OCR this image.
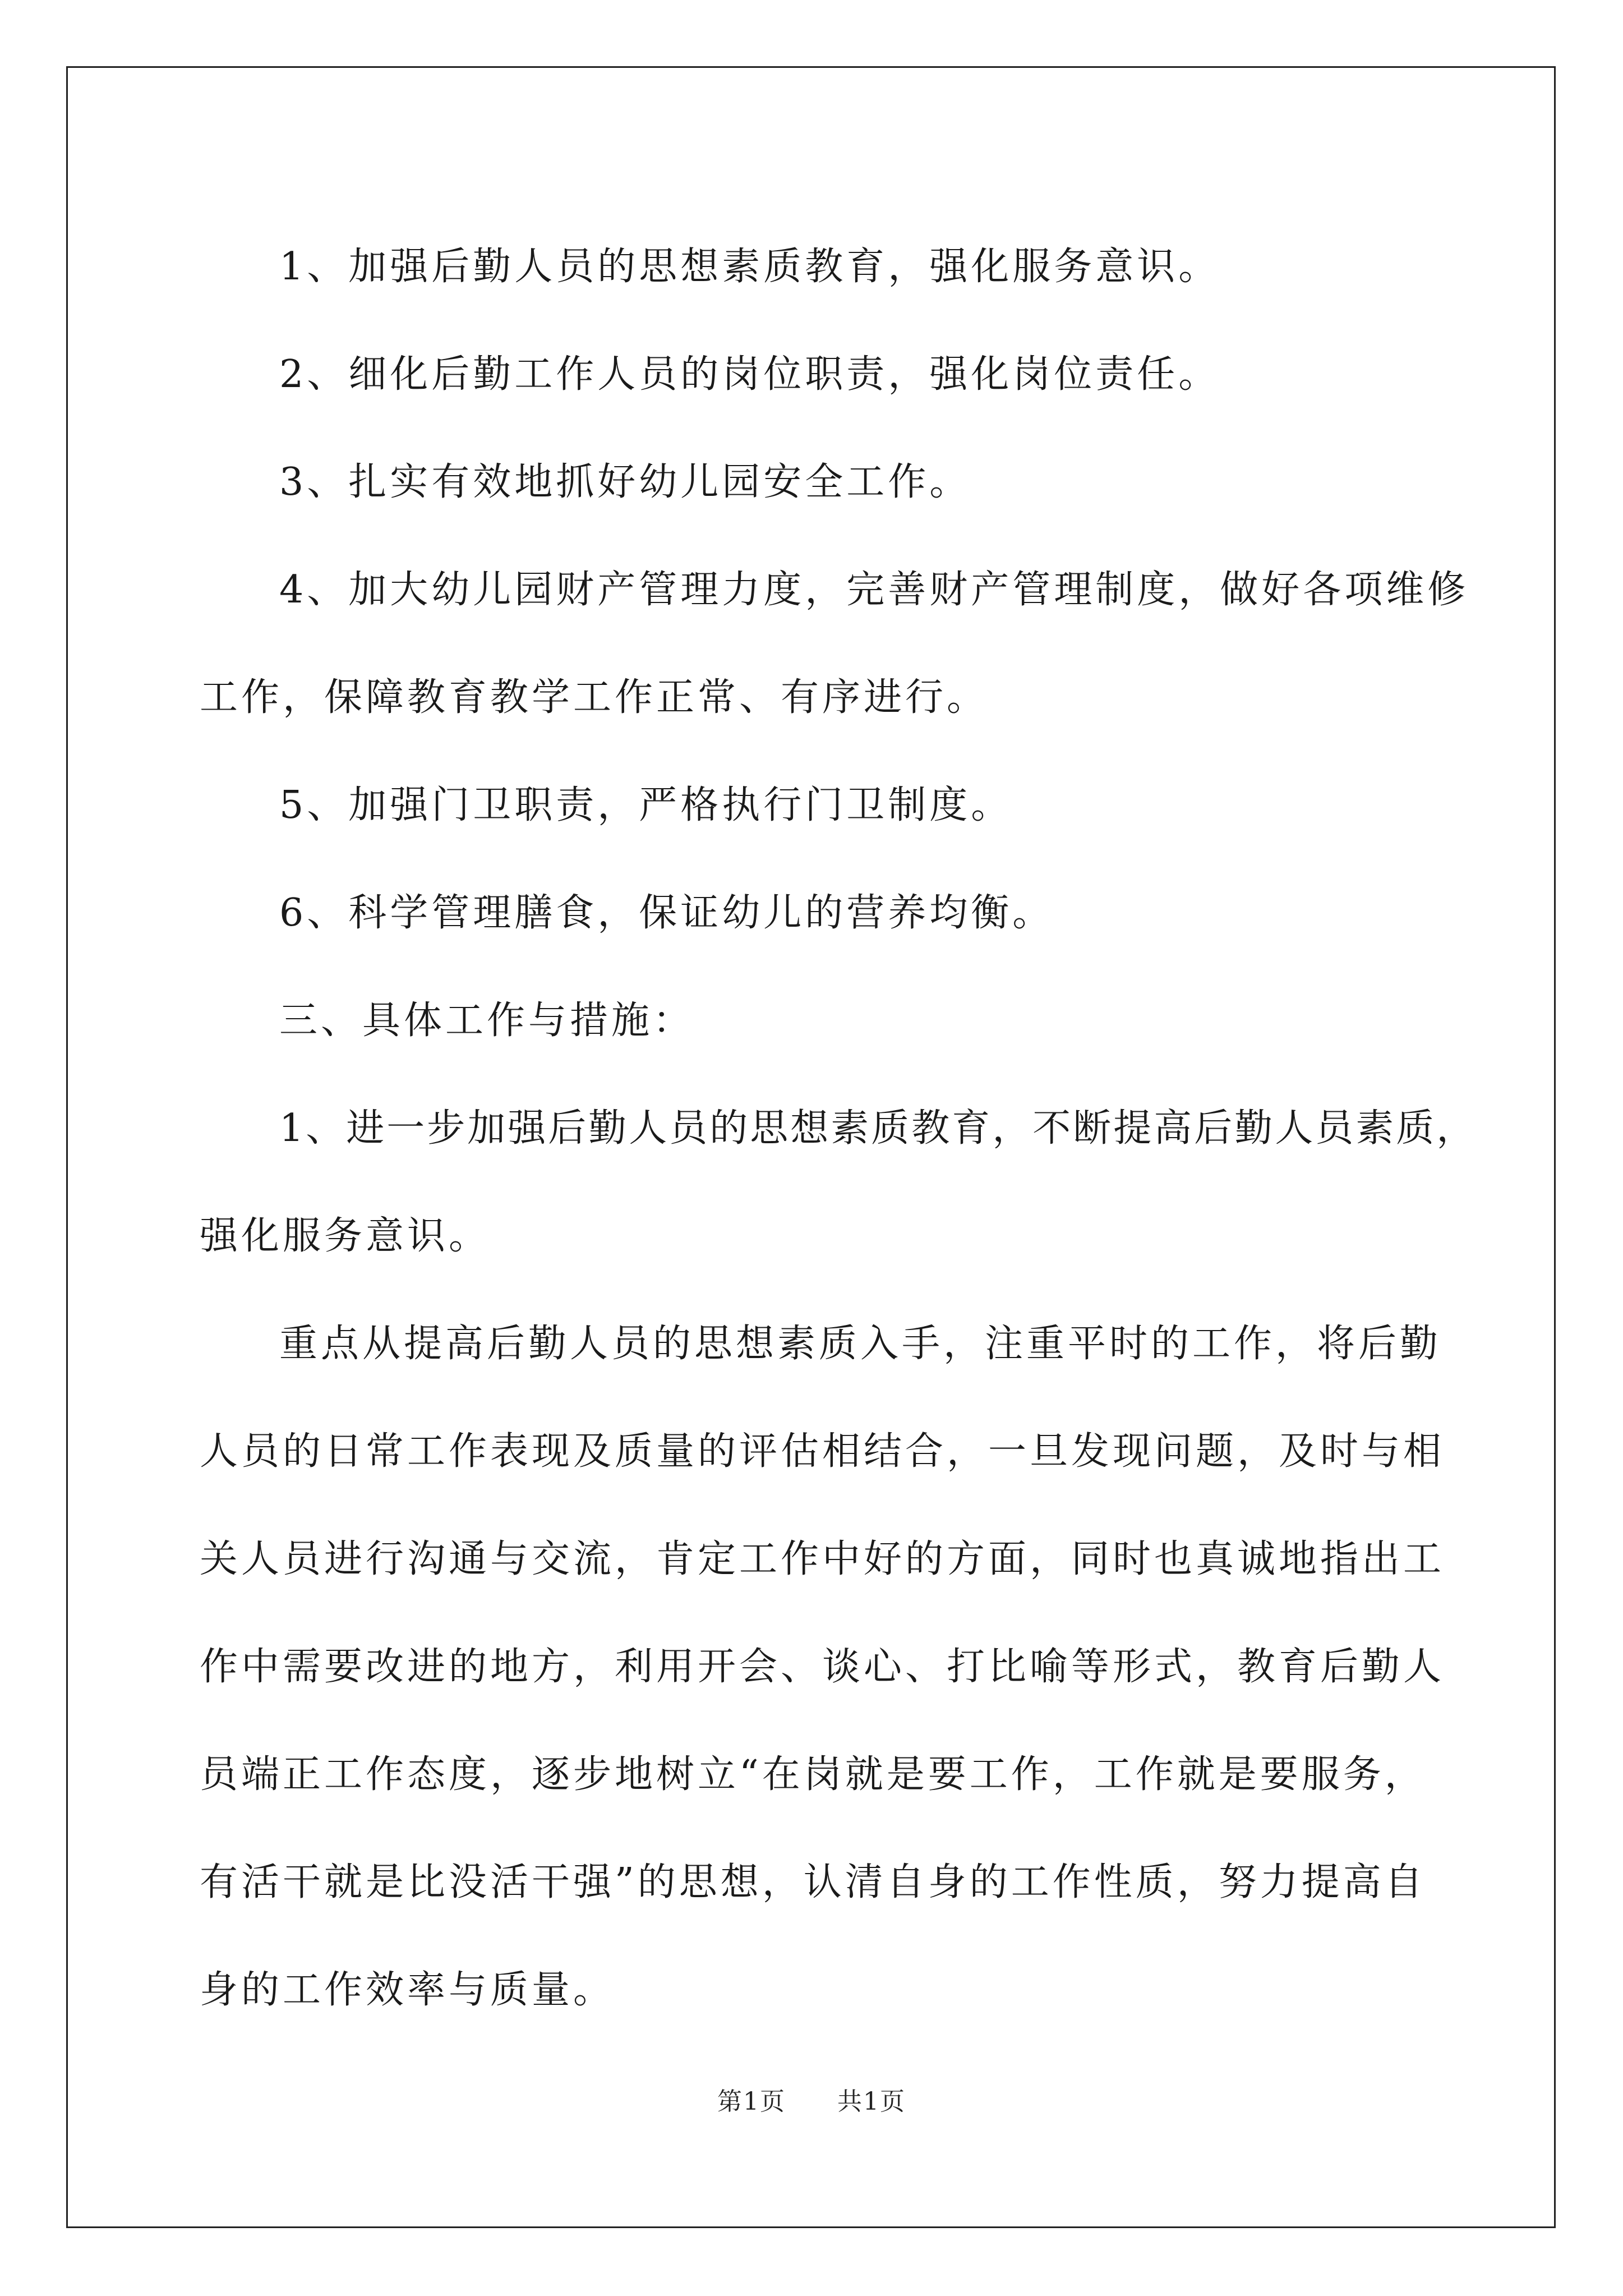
1、加强后勤人员的思想素质教育，强化服务意识。
2、细化后勤工作人员的岗位职责，强化岗位责任。
3、扎实有效地抓好幼儿园安全工作。
4、加大幼儿园财产管理力度，完善财产管理制度，做好各项维修
工作，保障教育教学工作正常、有序进行。
5、加强门卫职责，严格执行门卫制度。
6、科学管理膳食，保证幼儿的营养均衡。
三、具体工作与措施：
1、进一步加强后勤人员的思想素质教育，不断提高后勤人员素质，
强化服务意识。
重点从提高后勤人员的思想素质入手，注重平时的工作，将后勤
人员的日常工作表现及质量的评估相结合，一旦发现问题，及时与相
关人员进行沟通与交流，肯定工作中好的方面，同时也真诚地指出工
作中需要改进的地方，利用开会、谈心、打比喻等形式，教育后勤人
员端正工作态度，逐步地树立“在岗就是要工作，工作就是要服务，
有活干就是比没活干强”的思想，认清自身的工作性质，努力提高自
身的工作效率与质量。
第1页 共1页
